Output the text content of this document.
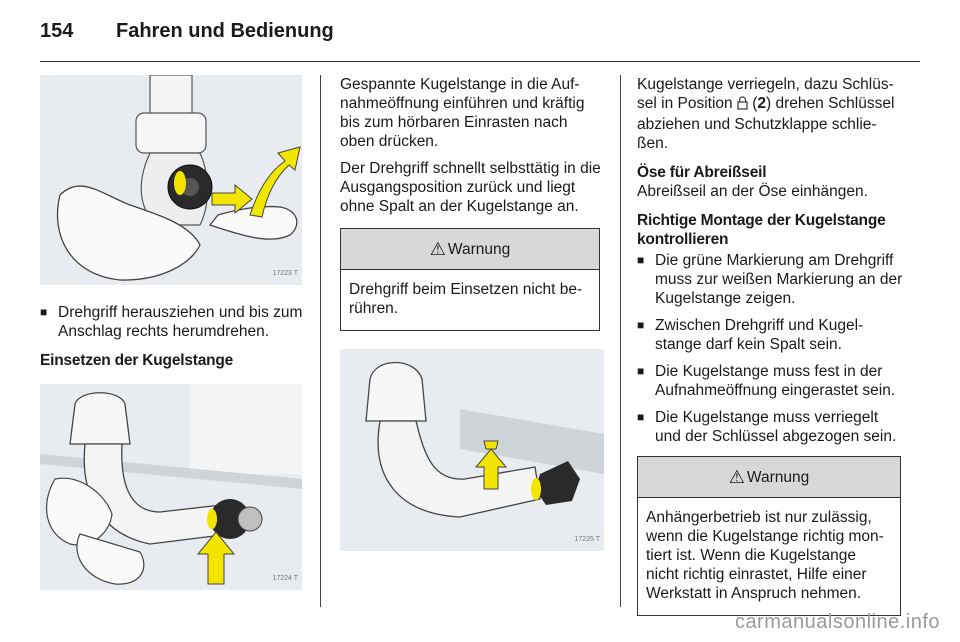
154 Fahren und Bedienung
17223 T
■ Drehgriff herausziehen und bis zum Anschlag rechts herumdrehen.
Einsetzen der Kugelstange
17224 T

Gespannte Kugelstange in die Auf-nahmeöffnung einführen und kräftig bis zum hörbaren Einrasten nach oben drücken.

Der Drehgriff schnellt selbsttätig in die Ausgangsposition zurück und liegt ohne Spalt an der Kugelstange an.

⚠ Warnung
Drehgriff beim Einsetzen nicht be-rühren.
17225 T

Kugelstange verriegeln, dazu Schlüs-sel in Position  (2) drehen Schlüssel abziehen und Schutzklappe schlie-ßen.

Öse für Abreißseil

Abreißseil an der Öse einhängen.

Richtige Montage der Kugelstange kontrollieren
■ Die grüne Markierung am Drehgriff muss zur weißen Markierung an der Kugelstange zeigen.
■ Zwischen Drehgriff und Kugel-stange darf kein Spalt sein.
■ Die Kugelstange muss fest in der Aufnahmeöffnung eingerastet sein.
■ Die Kugelstange muss verriegelt und der Schlüssel abgezogen sein.
⚠ Warnung
Anhängerbetrieb ist nur zulässig, wenn die Kugelstange richtig mon-tiert ist. Wenn die Kugelstange nicht richtig einrastet, Hilfe einer Werkstatt in Anspruch nehmen.
carmanualsonline.info
